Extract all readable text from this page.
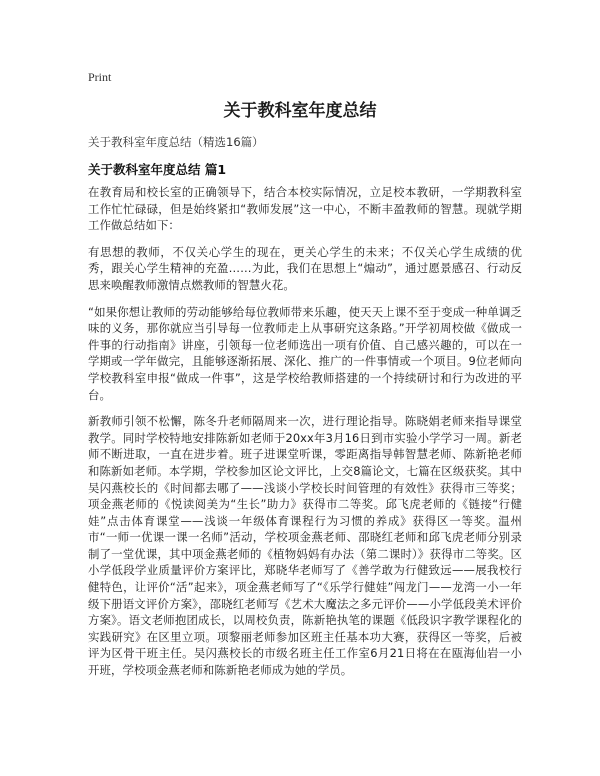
Print
关于教科室年度总结

关于教科室年度总结（精选16篇）

关于教科室年度总结 篇1

在教育局和校长室的正确领导下，结合本校实际情况，立足校本教研，一学期教科室工作忙忙碌碌，但是始终紧扣“教师发展”这一中心，不断丰盈教师的智慧。现就学期工作做总结如下：

有思想的教师，不仅关心学生的现在，更关心学生的未来；不仅关心学生成绩的优秀，跟关心学生精神的充盈……为此，我们在思想上“煽动”，通过愿景感召、行动反思来唤醒教师激情点燃教师的智慧火花。

“如果你想让教师的劳动能够给每位教师带来乐趣，使天天上课不至于变成一种单调乏味的义务，那你就应当引导每一位教师走上从事研究这条路。”开学初周校做《做成一件事的行动指南》讲座，引领每一位老师选出一项有价值、自己感兴趣的，可以在一学期或一学年做完，且能够逐渐拓展、深化、推广的一件事情或一个项目。9位老师向学校教科室申报“做成一件事”，这是学校给教师搭建的一个持续研讨和行为改进的平台。

新教师引领不松懈，陈冬升老师隔周来一次，进行理论指导。陈晓娟老师来指导课堂教学。同时学校特地安排陈新如老师于20xx年3月16日到市实验小学学习一周。新老师不断进取，一直在进步着。班子进课堂听课，零距离指导韩智慧老师、陈新艳老师和陈新如老师。本学期，学校参加区论文评比，上交8篇论文，七篇在区级获奖。其中吴闪燕校长的《时间都去哪了——浅谈小学校长时间管理的有效性》获得市三等奖；项金燕老师的《悦读阅美为“生长”助力》获得市二等奖。邱飞虎老师的《链接“行健娃”点击体育课堂——浅谈一年级体育课程行为习惯的养成》获得区一等奖。温州市“一师一优课一课一名师”活动，学校项金燕老师、邵晓红老师和邱飞虎老师分别录制了一堂优课，其中项金燕老师的《植物妈妈有办法（第二课时）》获得市二等奖。区小学低段学业质量评价方案评比，郑晓华老师写了《善学敢为行健致远——展我校行健特色，让评价“活”起来》，项金燕老师写了“《乐学行健娃”闯龙门——龙湾一小一年级下册语文评价方案》，邵晓红老师写《艺术大魔法之多元评价——小学低段美术评价方案》。语文老师抱团成长，以周校负责，陈新艳执笔的课题《低段识字教学课程化的实践研究》在区里立项。项黎丽老师参加区班主任基本功大赛，获得区一等奖，后被评为区骨干班主任。吴闪燕校长的市级名班主任工作室6月21日将在在瓯海仙岩一小开班，学校项金燕老师和陈新艳老师成为她的学员。
